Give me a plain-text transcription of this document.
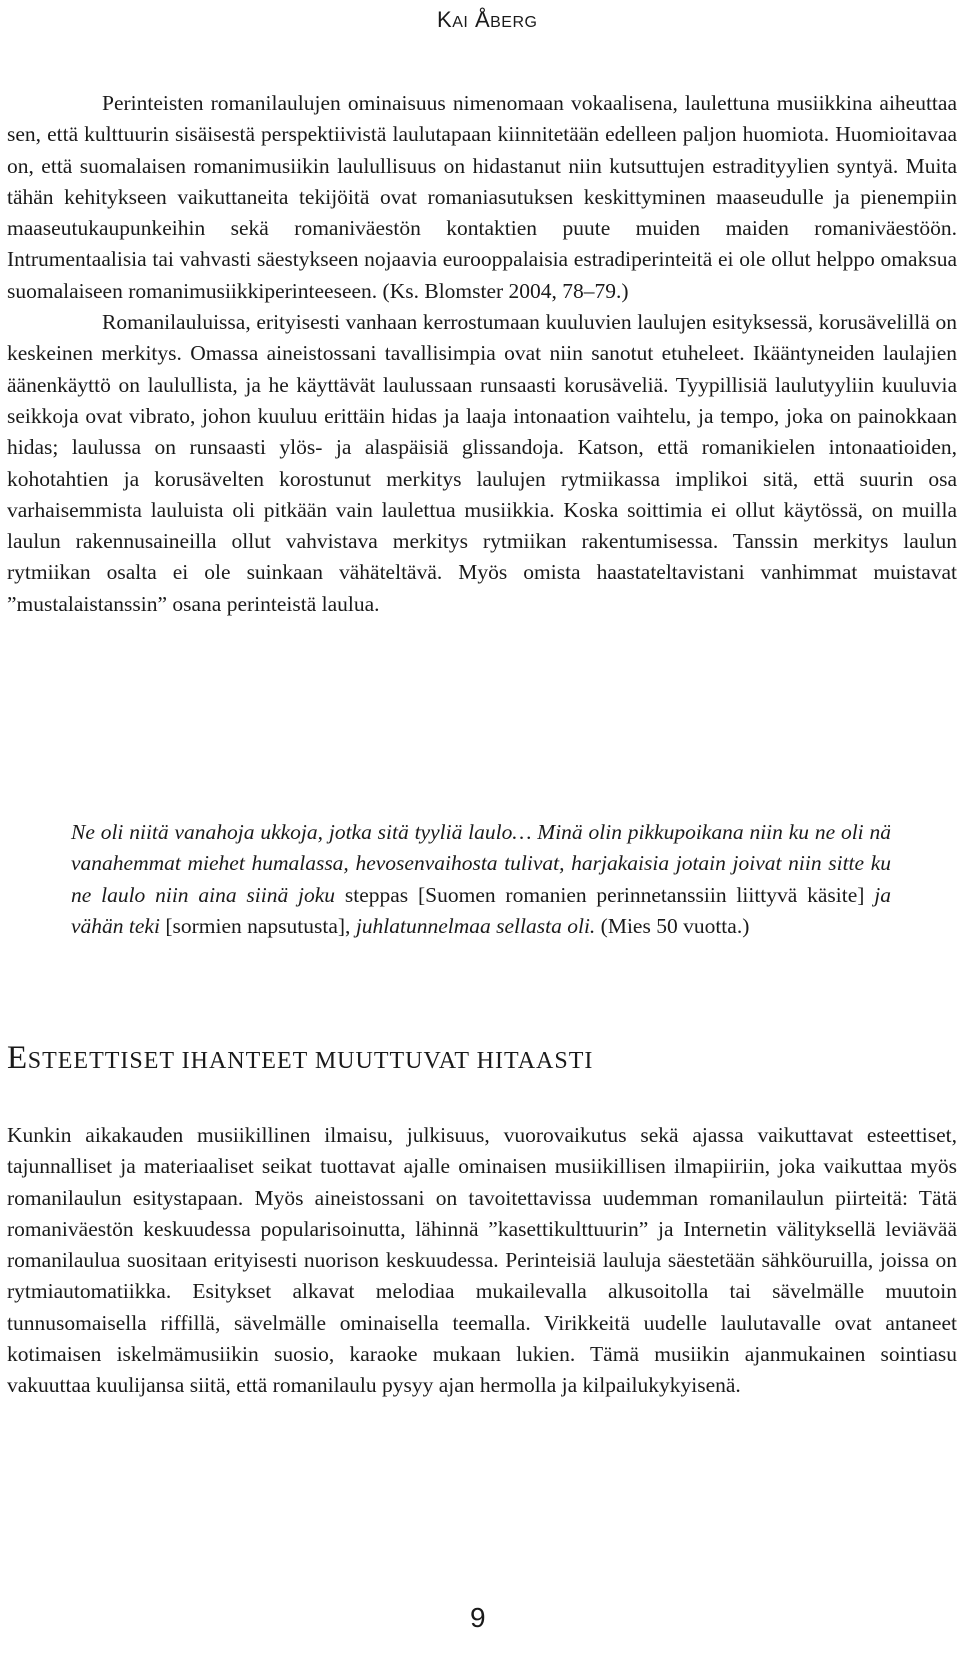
KAI ÅBERG

Perinteisten romanilaulujen ominaisuus nimenomaan vokaalisena, laulettuna musiikkina aiheuttaa sen, että kulttuurin sisäisestä perspektiivistä laulutapaan kiinnitetään edelleen paljon huomiota. Huomioitavaa on, että suomalaisen romanimusiikin laulullisuus on hidastanut niin kutsuttujen estradityylien syntyä. Muita tähän kehitykseen vaikuttaneita tekijöitä ovat romaniasutuksen keskittyminen maaseudulle ja pienempiin maaseutukaupunkeihin sekä romaniväestön kontaktien puute muiden maiden romaniväestöön. Intrumentaalisia tai vahvasti säestykseen nojaavia eurooppalaisia estradiperinteitä ei ole ollut helppo omaksua suomalaiseen romanimusiikkiperinteeseen. (Ks. Blomster 2004, 78–79.)

Romanilauluissa, erityisesti vanhaan kerrostumaan kuuluvien laulujen esityksessä, korusävelillä on keskeinen merkitys. Omassa aineistossani tavallisimpia ovat niin sanotut etuheleet. Ikääntyneiden laulajien äänenkäyttö on laulullista, ja he käyttävät laulussaan runsaasti korusäveliä. Tyypillisiä laulutyyliin kuuluvia seikkoja ovat vibrato, johon kuuluu erittäin hidas ja laaja intonaation vaihtelu, ja tempo, joka on painokkaan hidas; laulussa on runsaasti ylös- ja alaspäisiä glissandoja. Katson, että romanikielen intonaatioiden, kohotahtien ja korusävelten korostunut merkitys laulujen rytmiikassa implikoi sitä, että suurin osa varhaisemmista lauluista oli pitkään vain laulettua musiikkia. Koska soittimia ei ollut käytössä, on muilla laulun rakennusaineilla ollut vahvistava merkitys rytmiikan rakentumisessa. Tanssin merkitys laulun rytmiikan osalta ei ole suinkaan vähäteltävä. Myös omista haastateltavistani vanhimmat muistavat ”mustalaistanssin” osana perinteistä laulua.

Ne oli niitä vanahoja ukkoja, jotka sitä tyyliä laulo… Minä olin pikkupoikana niin ku ne oli nä vanahemmat miehet humalassa, hevosenvaihosta tulivat, harjakaisia jotain joivat niin sitte ku ne laulo niin aina siinä joku steppas [Suomen romanien perinnetanssiin liittyvä käsite] ja vähän teki [sormien napsutusta], juhlatunnelmaa sellasta oli. (Mies 50 vuotta.)
ESTEETTISET IHANTEET MUUTTUVAT HITAASTI

Kunkin aikakauden musiikillinen ilmaisu, julkisuus, vuorovaikutus sekä ajassa vaikuttavat esteettiset, tajunnalliset ja materiaaliset seikat tuottavat ajalle ominaisen musiikillisen ilmapiiriin, joka vaikuttaa myös romanilaulun esitystapaan. Myös aineistossani on tavoitettavissa uudemman romanilaulun piirteitä: Tätä romaniväestön keskuudessa popularisoinutta, lähinnä ”kasettikulttuurin” ja Internetin välityksellä leviävää romanilaulua suositaan erityisesti nuorison keskuudessa. Perinteisiä lauluja säestetään sähköuruilla, joissa on rytmiautomatiikka. Esitykset alkavat melodiaa mukailevalla alkusoitolla tai sävelmälle muutoin tunnusomaisella riffillä, sävelmälle ominaisella teemalla. Virikkeitä uudelle laulutavalle ovat antaneet kotimaisen iskelmämusiikin suosio, karaoke mukaan lukien. Tämä musiikin ajanmukainen sointiasu vakuuttaa kuulijansa siitä, että romanilaulu pysyy ajan hermolla ja kilpailukykyisenä.

9
